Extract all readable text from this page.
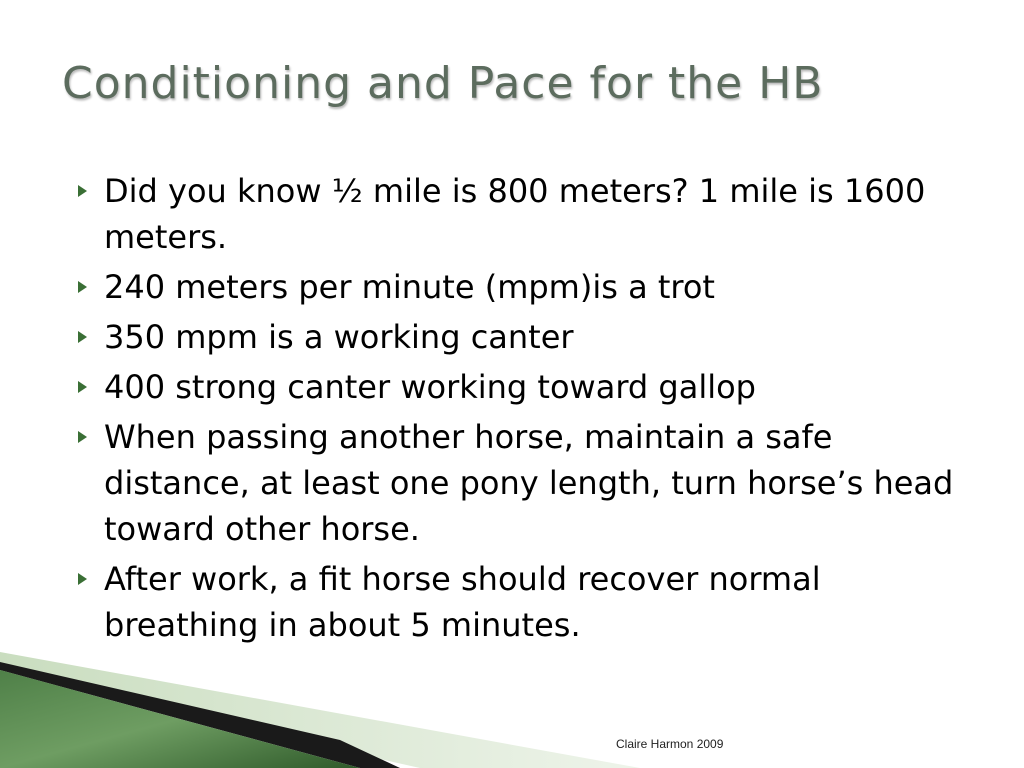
Conditioning and Pace for the HB
Did you know ½ mile is 800 meters? 1 mile is 1600 meters.
240 meters per minute (mpm)is a trot
350 mpm is a working canter
400 strong canter working toward gallop
When passing another horse, maintain a safe distance, at least one pony length, turn horse’s head toward other horse.
After work, a fit horse should recover normal breathing in about 5 minutes.
Claire Harmon 2009
